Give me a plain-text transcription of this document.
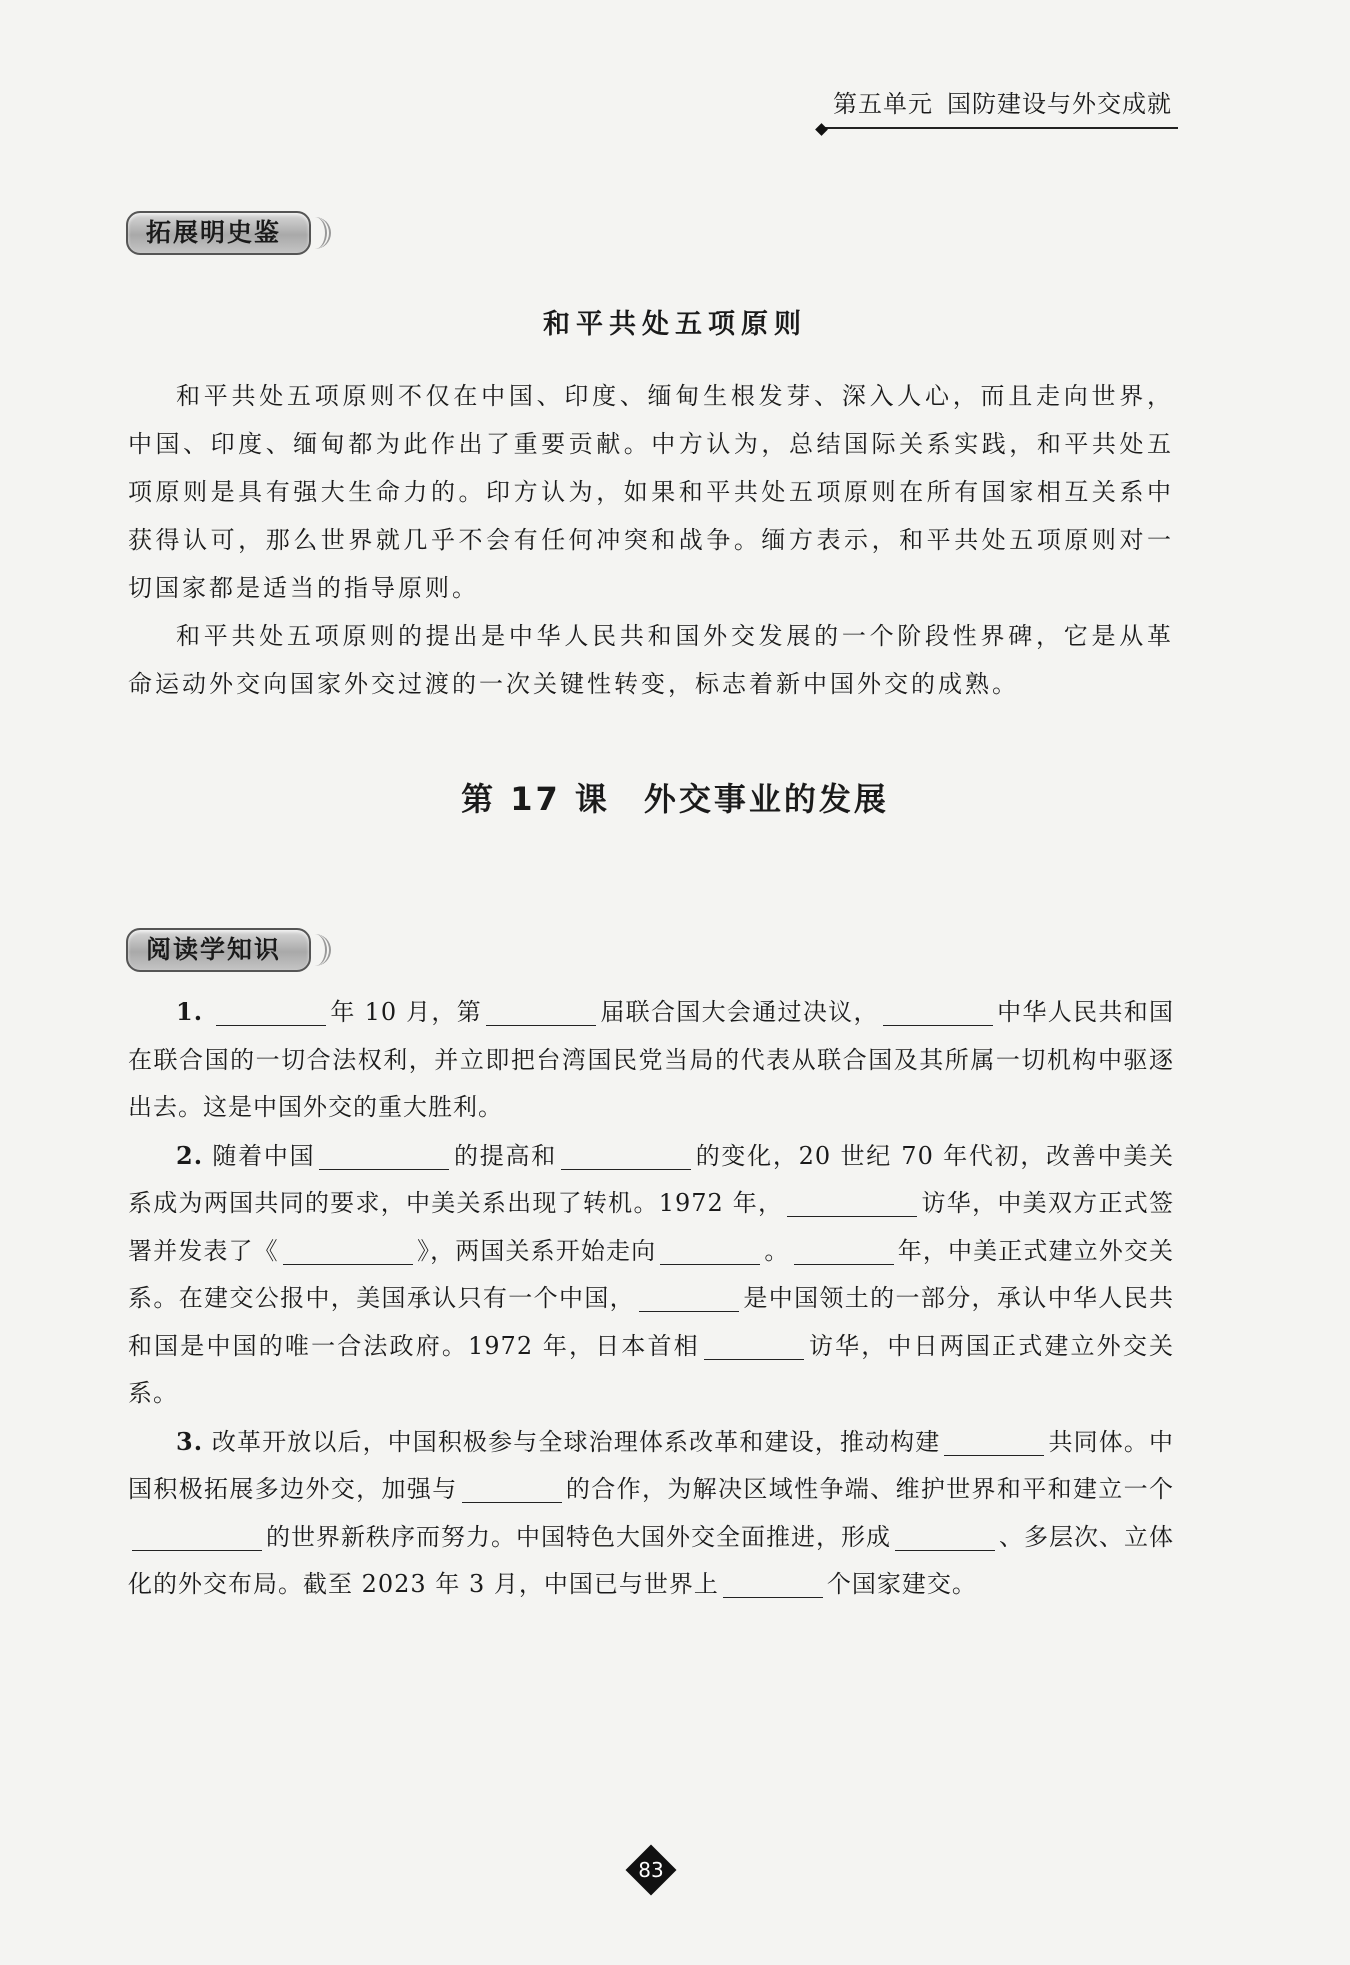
第五单元 国防建设与外交成就
拓展明史鉴
和平共处五项原则

和平共处五项原则不仅在中国、印度、缅甸生根发芽、深入人心，而且走向世界，中国、印度、缅甸都为此作出了重要贡献。中方认为，总结国际关系实践，和平共处五项原则是具有强大生命力的。印方认为，如果和平共处五项原则在所有国家相互关系中获得认可，那么世界就几乎不会有任何冲突和战争。缅方表示，和平共处五项原则对一切国家都是适当的指导原则。

和平共处五项原则的提出是中华人民共和国外交发展的一个阶段性界碑，它是从革命运动外交向国家外交过渡的一次关键性转变，标志着新中国外交的成熟。

第 17 课 外交事业的发展
阅读学知识

1.	年 10 月，第	届联合国大会通过决议，	中华人民共和国在联合国的一切合法权利，并立即把台湾国民党当局的代表从联合国及其所属一切机构中驱逐出去。这是中国外交的重大胜利。

2. 随着中国	的提高和	的变化，20 世纪 70 年代初，改善中美关系成为两国共同的要求，中美关系出现了转机。1972 年，	访华，中美双方正式签署并发表了《	》，两国关系开始走向	。	年，中美正式建立外交关系。在建交公报中，美国承认只有一个中国，	是中国领土的一部分，承认中华人民共和国是中国的唯一合法政府。1972 年，日本首相	访华，中日两国正式建立外交关系。

3. 改革开放以后，中国积极参与全球治理体系改革和建设，推动构建	共同体。中国积极拓展多边外交，加强与	的合作，为解决区域性争端、维护世界和平和建立一个的世界新秩序而努力。中国特色大国外交全面推进，形成	、多层次、立体化的外交布局。截至 2023 年 3 月，中国已与世界上	个国家建交。

83
